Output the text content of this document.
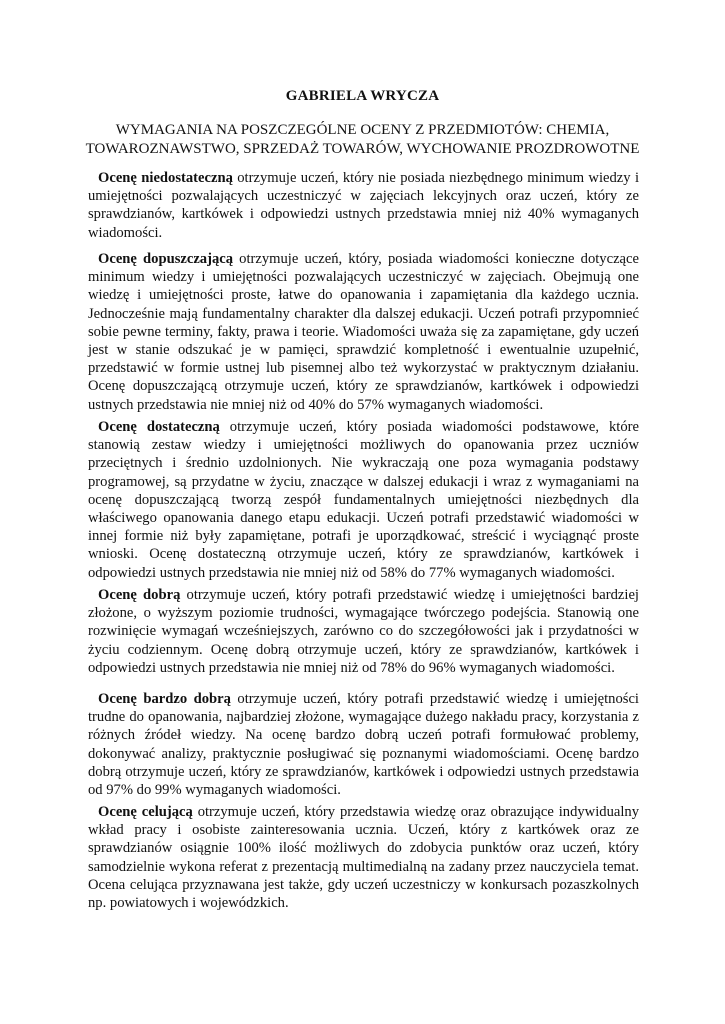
GABRIELA WRYCZA
WYMAGANIA NA POSZCZEGÓLNE OCENY Z PRZEDMIOTÓW: CHEMIA,
TOWAROZNAWSTWO, SPRZEDAŻ TOWARÓW, WYCHOWANIE PROZDROWOTNE

Ocenę niedostateczną otrzymuje uczeń, który nie posiada niezbędnego minimum wiedzy i umiejętności pozwalających uczestniczyć w zajęciach lekcyjnych oraz uczeń, który ze sprawdzianów, kartkówek i odpowiedzi ustnych przedstawia mniej niż 40% wymaganych wiadomości.

Ocenę dopuszczającą otrzymuje uczeń, który, posiada wiadomości konieczne dotyczące minimum wiedzy i umiejętności pozwalających uczestniczyć w zajęciach. Obejmują one wiedzę i umiejętności proste, łatwe do opanowania i zapamiętania dla każdego ucznia. Jednocześnie mają fundamentalny charakter dla dalszej edukacji. Uczeń potrafi przypomnieć sobie pewne terminy, fakty, prawa i teorie. Wiadomości uważa się za zapamiętane, gdy uczeń jest w stanie odszukać je w pamięci, sprawdzić kompletność i ewentualnie uzupełnić, przedstawić w formie ustnej lub pisemnej albo też wykorzystać w praktycznym działaniu. Ocenę dopuszczającą otrzymuje uczeń, który ze sprawdzianów, kartkówek i odpowiedzi ustnych przedstawia nie mniej niż od 40% do 57% wymaganych wiadomości.

Ocenę dostateczną otrzymuje uczeń, który posiada wiadomości podstawowe, które stanowią zestaw wiedzy i umiejętności możliwych do opanowania przez uczniów przeciętnych i średnio uzdolnionych. Nie wykraczają one poza wymagania podstawy programowej, są przydatne w życiu, znaczące w dalszej edukacji i wraz z wymaganiami na ocenę dopuszczającą tworzą zespół fundamentalnych umiejętności niezbędnych dla właściwego opanowania danego etapu edukacji. Uczeń potrafi przedstawić wiadomości w innej formie niż były zapamiętane, potrafi je uporządkować, streścić i wyciągnąć proste wnioski. Ocenę dostateczną otrzymuje uczeń, który ze sprawdzianów, kartkówek i odpowiedzi ustnych przedstawia nie mniej niż od 58% do 77% wymaganych wiadomości.

Ocenę dobrą otrzymuje uczeń, który potrafi przedstawić wiedzę i umiejętności bardziej złożone, o wyższym poziomie trudności, wymagające twórczego podejścia. Stanowią one rozwinięcie wymagań wcześniejszych, zarówno co do szczegółowości jak i przydatności w życiu codziennym. Ocenę dobrą otrzymuje uczeń, który ze sprawdzianów, kartkówek i odpowiedzi ustnych przedstawia nie mniej niż od 78% do 96% wymaganych wiadomości.

Ocenę bardzo dobrą otrzymuje uczeń, który potrafi przedstawić wiedzę i umiejętności trudne do opanowania, najbardziej złożone, wymagające dużego nakładu pracy, korzystania z różnych źródeł wiedzy. Na ocenę bardzo dobrą uczeń potrafi formułować problemy, dokonywać analizy, praktycznie posługiwać się poznanymi wiadomościami. Ocenę bardzo dobrą otrzymuje uczeń, który ze sprawdzianów, kartkówek i odpowiedzi ustnych przedstawia od 97% do 99% wymaganych wiadomości.

Ocenę celującą otrzymuje uczeń, który przedstawia wiedzę oraz obrazujące indywidualny wkład pracy i osobiste zainteresowania ucznia. Uczeń, który z kartkówek oraz ze sprawdzianów osiągnie 100% ilość możliwych do zdobycia punktów oraz uczeń, który samodzielnie wykona referat z prezentacją multimedialną na zadany przez nauczyciela temat. Ocena celująca przyznawana jest także, gdy uczeń uczestniczy w konkursach pozaszkolnych np. powiatowych i wojewódzkich.
